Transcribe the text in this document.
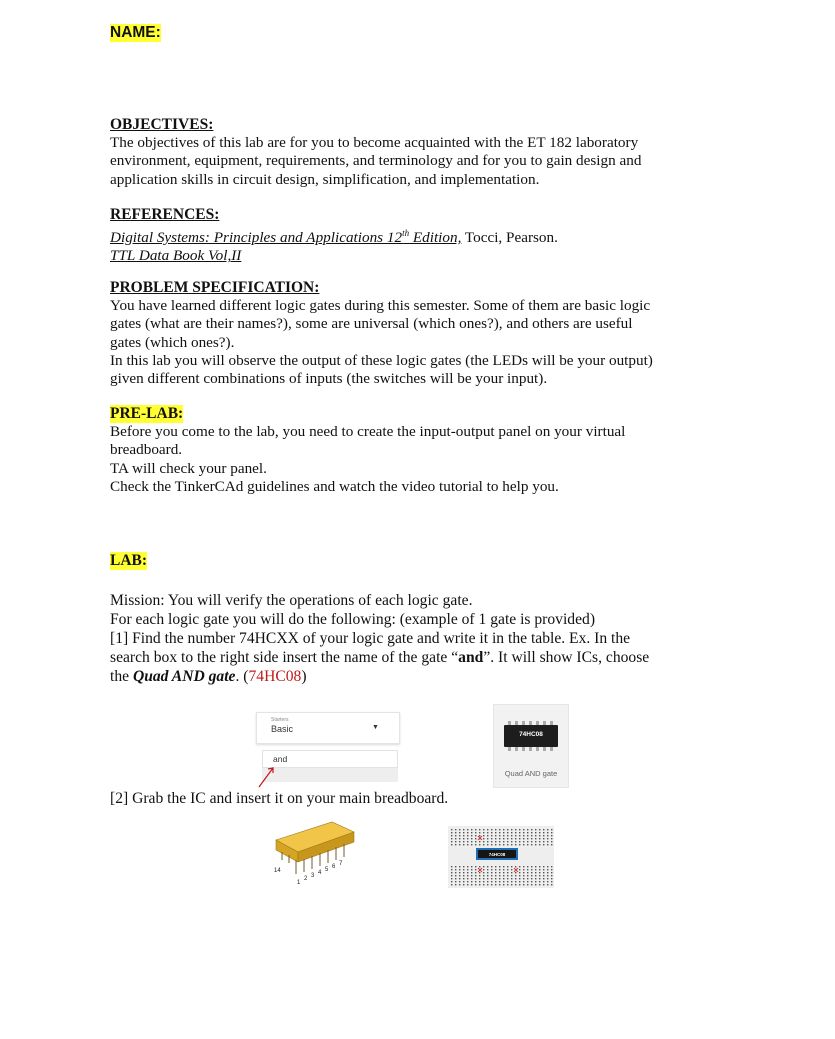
NAME:

OBJECTIVES:

The objectives of this lab are for you to become acquainted with the ET 182 laboratory

environment, equipment, requirements, and terminology and for you to gain design and

application skills in circuit design, simplification, and implementation.

REFERENCES:

Digital Systems: Principles and Applications 12th Edition, Tocci, Pearson.

TTL Data Book Vol,II

PROBLEM SPECIFICATION:

You have learned different logic gates during this semester. Some of them are basic logic

gates (what are their names?), some are universal (which ones?), and others are useful

gates (which ones?).

In this lab you will observe the output of these logic gates (the LEDs will be your output)

given different combinations of inputs (the switches will be your input).

PRE-LAB:

Before you come to the lab, you need to create the input-output panel on your virtual

breadboard.

TA will check your panel.

Check the TinkerCAd guidelines and watch the video tutorial to help you.

LAB:

Mission: You will verify the operations of each logic gate.

For each logic gate you will do the following: (example of 1 gate is provided)

[1] Find the number 74HCXX of your logic gate and write it in the table. Ex. In the

search box to the right side insert the name of the gate “and”. It will show ICs, choose

the Quad AND gate. (74HC08)

Starters
Basic	▼
and
74HC08
Quad AND gate

[2] Grab the IC and insert it on your main breadboard.

14
1
2 3 4 5 6 7
74HC08
